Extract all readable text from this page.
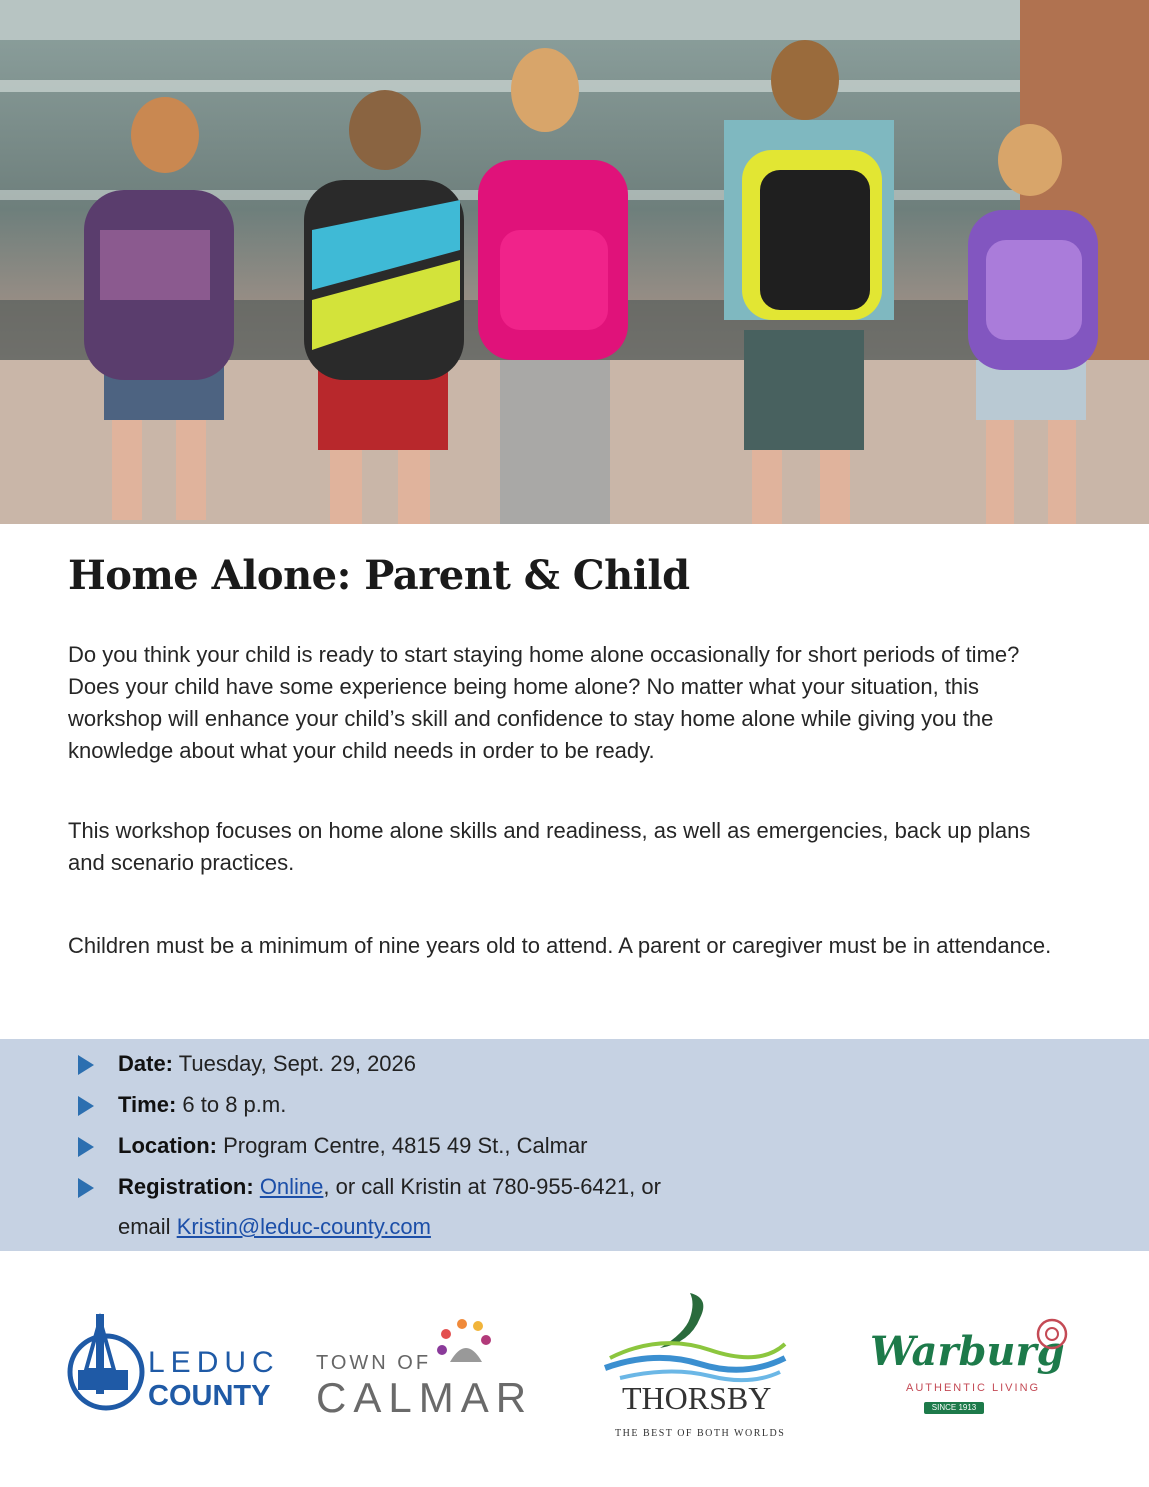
Home Alone: Parent & Child

Do you think your child is ready to start staying home alone occasionally for short periods of time? Does your child have some experience being home alone? No matter what your situation, this workshop will enhance your child’s skill and confidence to stay home alone while giving you the knowledge about what your child needs in order to be ready.

This workshop focuses on home alone skills and readiness, as well as emergencies, back up plans and scenario practices.

Children must be a minimum of nine years old to attend. A parent or caregiver must be in attendance.

Date: Tuesday, Sept. 29, 2026
Time: 6 to 8 p.m.
Location: Program Centre, 4815 49 St., Calmar
Registration: Online, or call Kristin at 780-955-6421, or
email Kristin@leduc-county.com
LEDUC
COUNTY
TOWN OF
CALMAR	THORSBY
THE BEST OF BOTH WORLDS
Warburg
AUTHENTIC LIVING
SINCE 1913
